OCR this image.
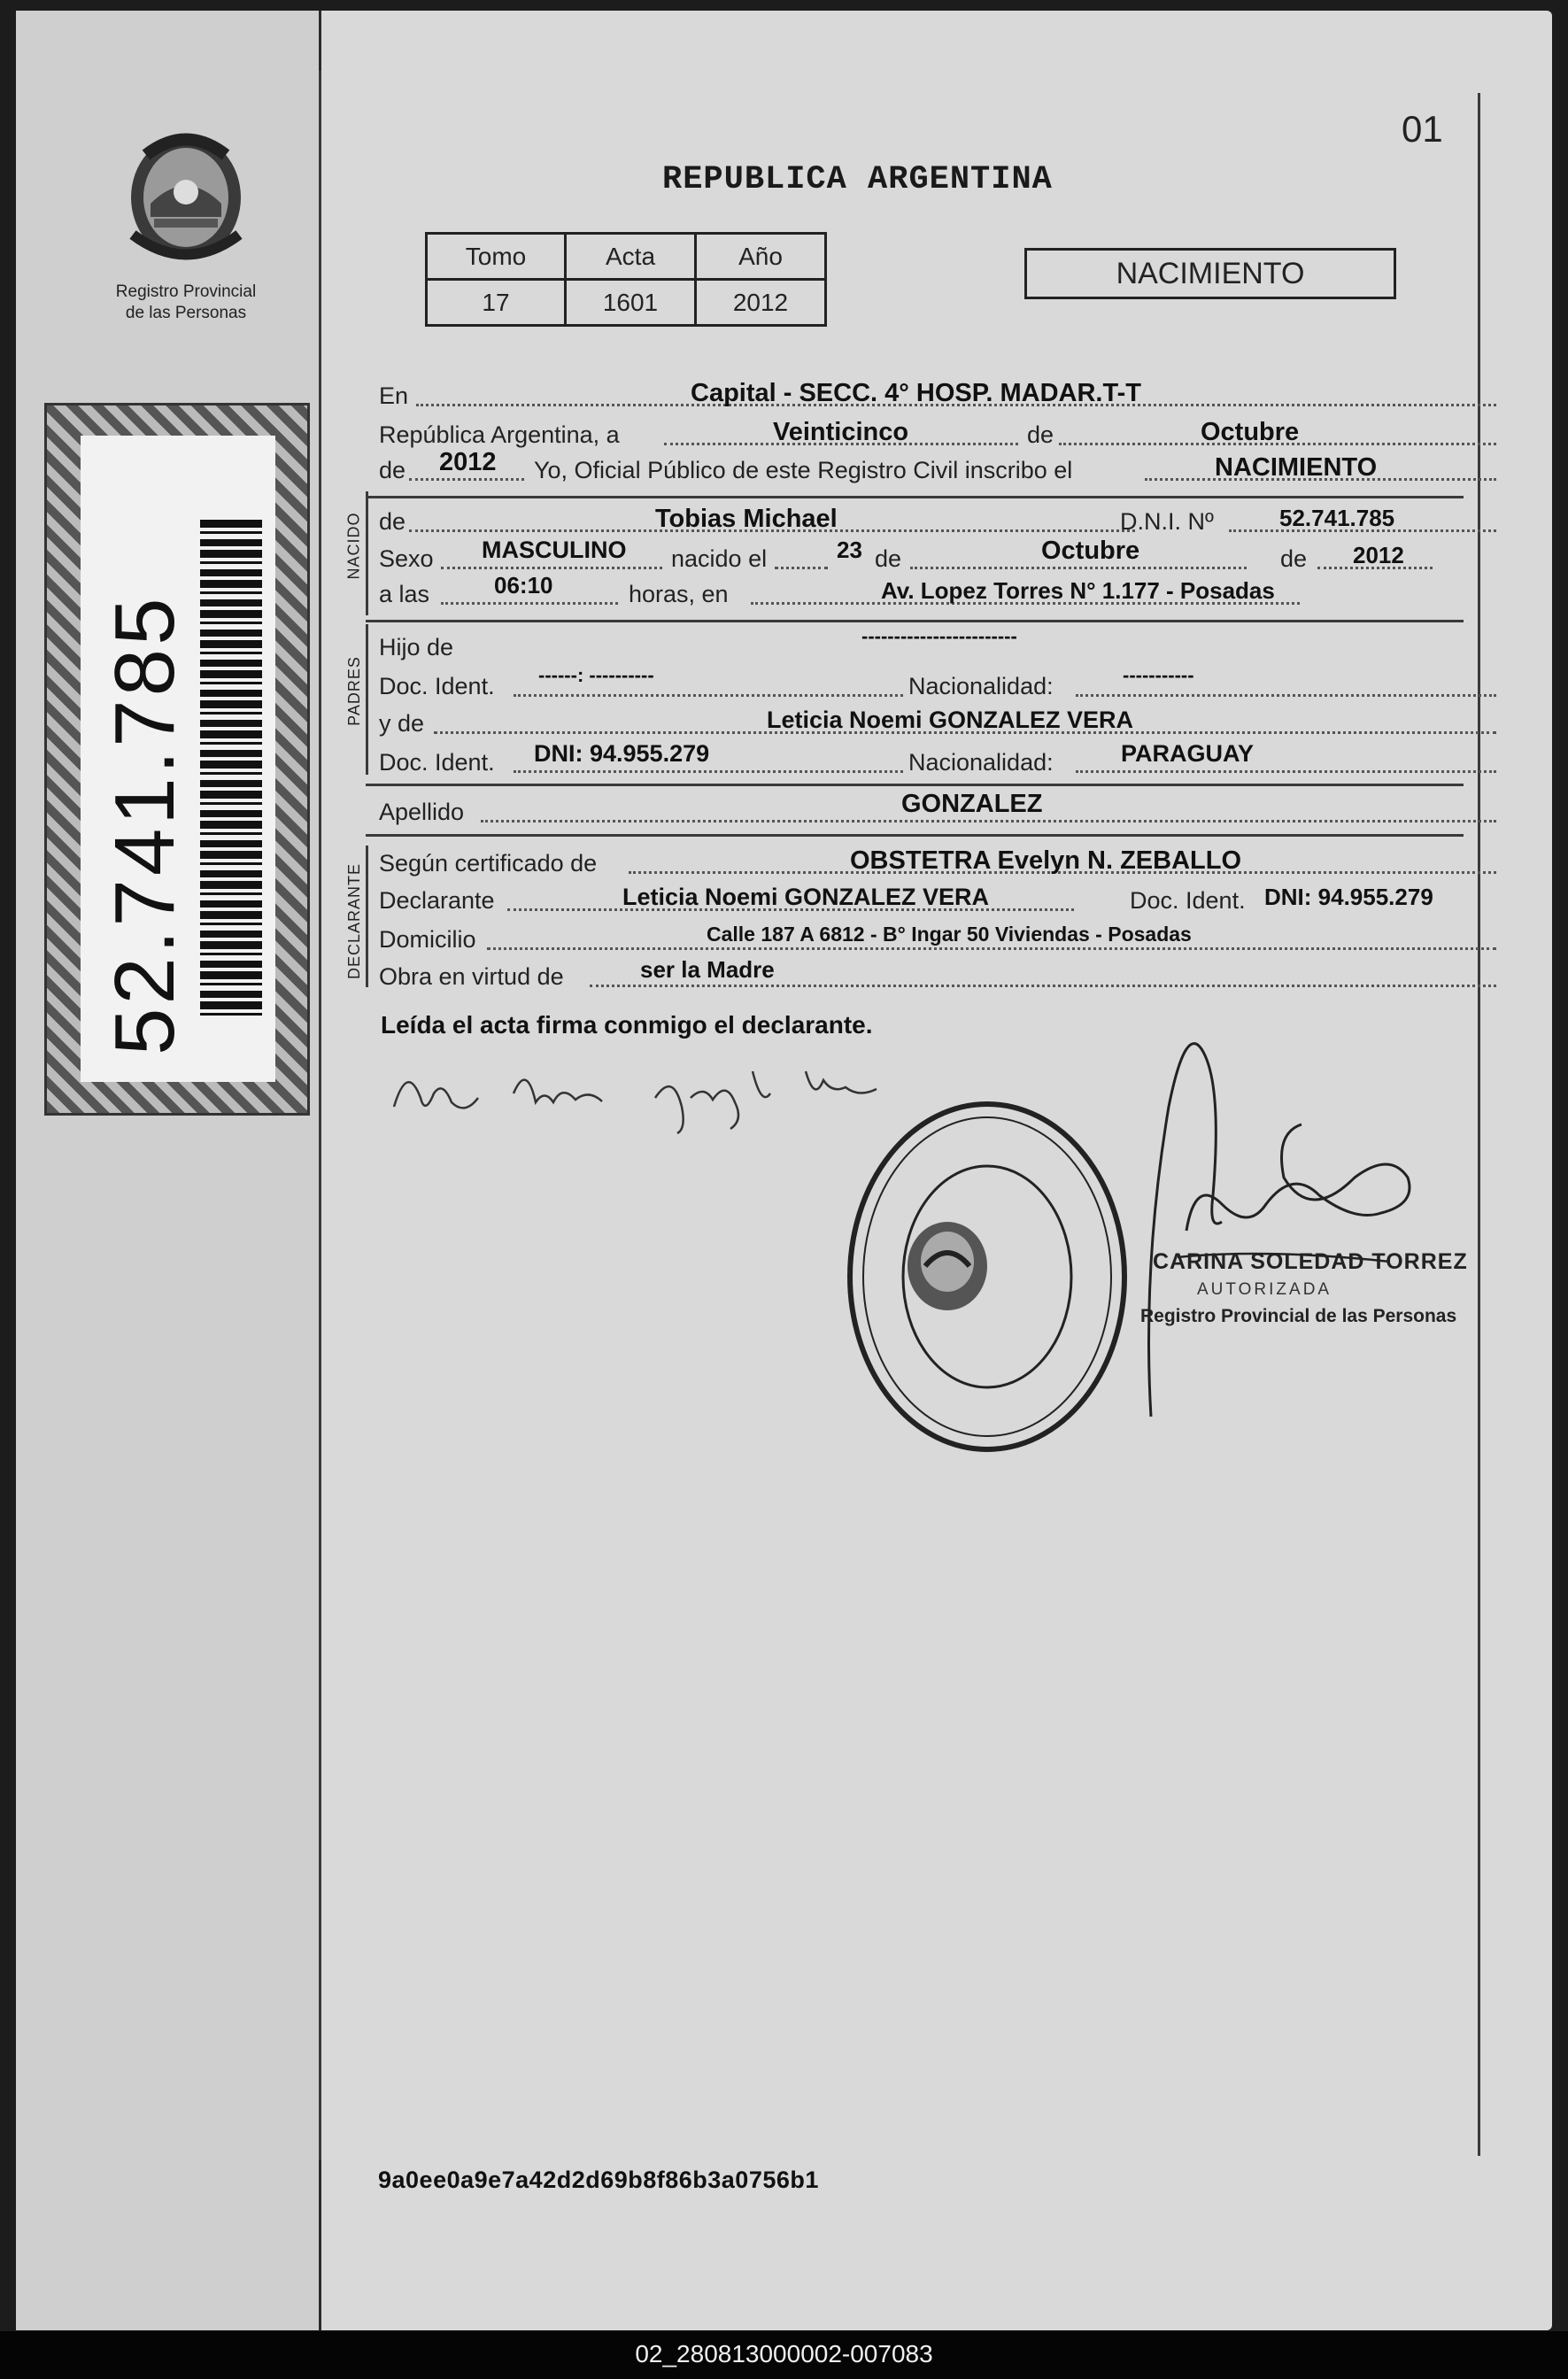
Registro Provincial
de las Personas
52.741.785
01
REPUBLICA ARGENTINA
Tomo	Acta	Año
17	1601	2012
NACIMIENTO
NACIDO
PADRES
DECLARANTE
En	Capital - SECC. 4° HOSP. MADAR.T-T
República Argentina, a	Veinticinco	de	Octubre
de 2012 Yo, Oficial Público de este Registro Civil inscribo el	NACIMIENTO
de	Tobias Michael	D.N.I. Nº	52.741.785
Sexo MASCULINO nacido el	23 de	Octubre	de 2012
a las	06:10	horas, en	Av. Lopez Torres N° 1.177 - Posadas
Hijo de	------------------------
Doc. Ident. ------: ----------	Nacionalidad:	-----------
y de	Leticia Noemi GONZALEZ VERA
Doc. Ident. DNI: 94.955.279	Nacionalidad:	PARAGUAY
Apellido	GONZALEZ
Según certificado de	OBSTETRA Evelyn N. ZEBALLO
Declarante	Leticia Noemi GONZALEZ VERA	Doc. Ident. DNI: 94.955.279
Domicilio	Calle 187 A 6812 - B° Ingar 50 Viviendas - Posadas
Obra en virtud de	ser la Madre
Leída el acta firma conmigo el declarante.
CARINA SOLEDAD TORREZ
AUTORIZADA
Registro Provincial de las Personas
9a0ee0a9e7a42d2d69b8f86b3a0756b1
02_280813000002-007083
